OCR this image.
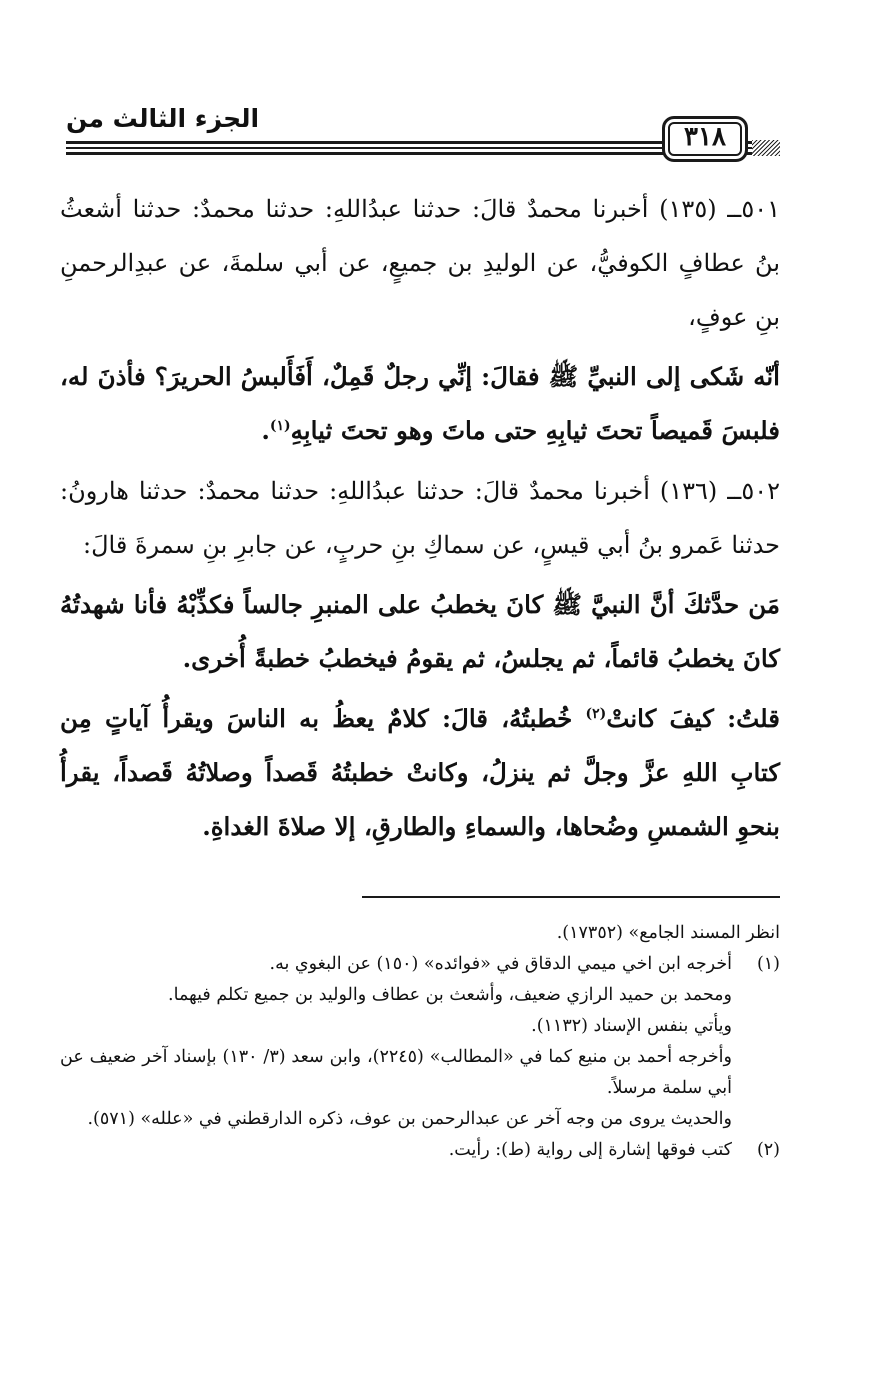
الجزء الثالث من
٣١٨

٥٠١ــ (١٣٥) أخبرنا محمدٌ قالَ: حدثنا عبدُاللهِ: حدثنا محمدٌ: حدثنا أشعثُ بنُ عطافٍ الكوفيُّ، عن الوليدِ بن جميعٍ، عن أبي سلمةَ، عن عبدِالرحمنِ بنِ عوفٍ،

أنّه شَكى إلى النبيِّ ﷺ فقالَ: إنِّي رجلٌ قَمِلٌ، أَفَأَلبسُ الحريرَ؟ فأذنَ له، فلبسَ قَميصاً تحتَ ثيابِهِ حتى ماتَ وهو تحتَ ثيابِهِ$^{(١)}$.

٥٠٢ــ (١٣٦) أخبرنا محمدٌ قالَ: حدثنا عبدُاللهِ: حدثنا محمدٌ: حدثنا هارونُ: حدثنا عَمرو بنُ أبي قيسٍ، عن سماكِ بنِ حربٍ، عن جابرِ بنِ سمرةَ قالَ:

مَن حدَّثكَ أنَّ النبيَّ ﷺ كانَ يخطبُ على المنبرِ جالساً فكذِّبْهُ فأنا شهدتُهُ كانَ يخطبُ قائماً، ثم يجلسُ، ثم يقومُ فيخطبُ خطبةً أُخرى.

قلتُ: كيفَ كانتْ$^{(٢)}$ خُطبتُهُ، قالَ: كلامٌ يعظُ به الناسَ ويقرأُ آياتٍ مِن كتابِ اللهِ عزَّ وجلَّ ثم ينزلُ، وكانتْ خطبتُهُ قَصداً وصلاتُهُ قَصداً، يقرأُ بنحوِ الشمسِ وضُحاها، والسماءِ والطارقِ، إلا صلاةَ الغداةِ.

انظر المسند الجامع» (١٧٣٥٢).

(١)

أخرجه ابن اخي ميمي الدقاق في «فوائده» (١٥٠) عن البغوي به.

ومحمد بن حميد الرازي ضعيف، وأشعث بن عطاف والوليد بن جميع تكلم فيهما.

ويأتي بنفس الإسناد (١١٣٢).

وأخرجه أحمد بن منيع كما في «المطالب» (٢٢٤٥)، وابن سعد (٣/ ١٣٠) بإسناد آخر ضعيف عن أبي سلمة مرسلاً.

والحديث يروى من وجه آخر عن عبدالرحمن بن عوف، ذكره الدارقطني في «علله» (٥٧١).

(٢)

كتب فوقها إشارة إلى رواية (ط): رأيت.
